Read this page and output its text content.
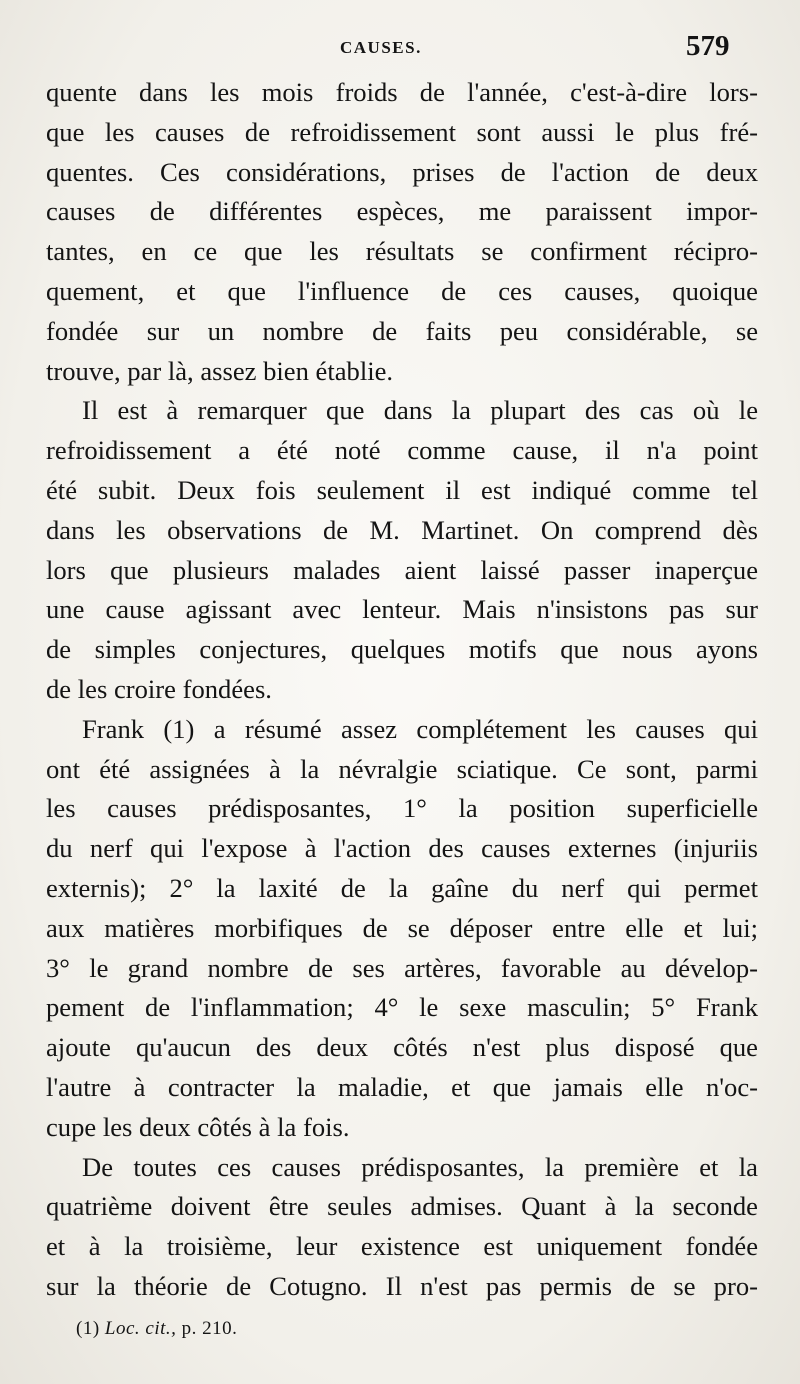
CAUSES.	579

quente dans les mois froids de l'année, c'est-à-dire lors-
que les causes de refroidissement sont aussi le plus fré-
quentes. Ces considérations, prises de l'action de deux
causes de différentes espèces, me paraissent impor-
tantes, en ce que les résultats se confirment récipro-
quement, et que l'influence de ces causes, quoique
fondée sur un nombre de faits peu considérable, se
trouve, par là, assez bien établie.

Il est à remarquer que dans la plupart des cas où le
refroidissement a été noté comme cause, il n'a point
été subit. Deux fois seulement il est indiqué comme tel
dans les observations de M. Martinet. On comprend dès
lors que plusieurs malades aient laissé passer inaperçue
une cause agissant avec lenteur. Mais n'insistons pas sur
de simples conjectures, quelques motifs que nous ayons
de les croire fondées.

Frank (1) a résumé assez complétement les causes qui
ont été assignées à la névralgie sciatique. Ce sont, parmi
les causes prédisposantes, 1° la position superficielle
du nerf qui l'expose à l'action des causes externes (injuriis
externis); 2° la laxité de la gaîne du nerf qui permet
aux matières morbifiques de se déposer entre elle et lui;
3° le grand nombre de ses artères, favorable au dévelop-
pement de l'inflammation; 4° le sexe masculin; 5° Frank
ajoute qu'aucun des deux côtés n'est plus disposé que
l'autre à contracter la maladie, et que jamais elle n'oc-
cupe les deux côtés à la fois.

De toutes ces causes prédisposantes, la première et la
quatrième doivent être seules admises. Quant à la seconde
et à la troisième, leur existence est uniquement fondée
sur la théorie de Cotugno. Il n'est pas permis de se pro-

(1) Loc. cit., p. 210.
